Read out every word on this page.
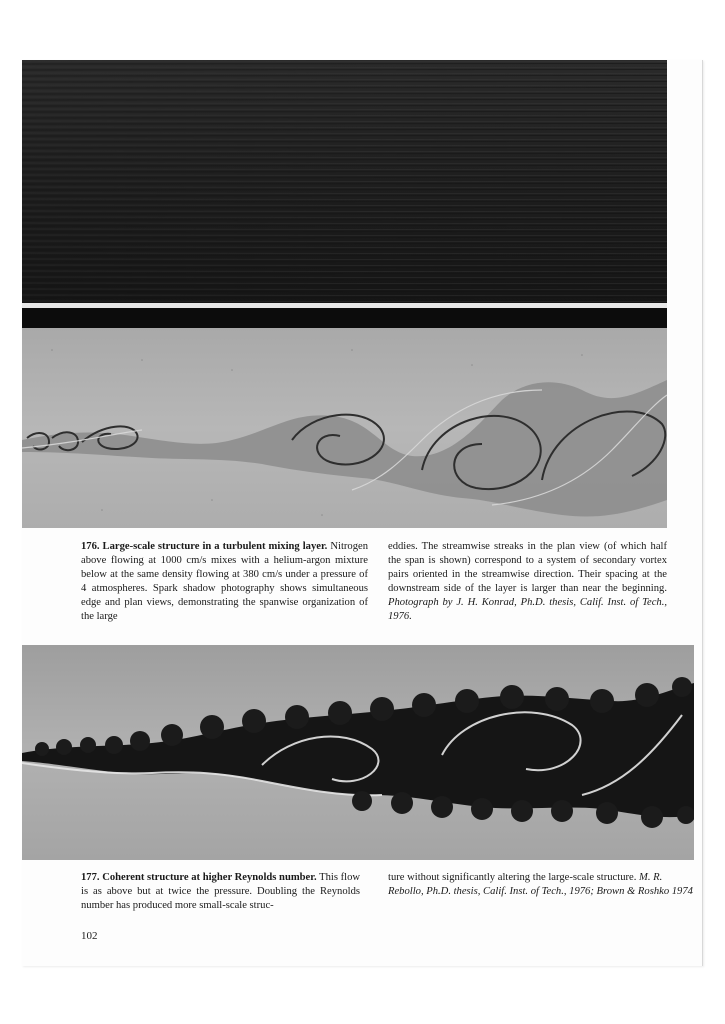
176. Large-scale structure in a turbulent mixing layer. Nitrogen above flowing at 1000 cm/s mixes with a helium-argon mixture below at the same density flowing at 380 cm/s under a pressure of 4 atmospheres. Spark shadow photography shows simultaneous edge and plan views, demonstrating the spanwise organization of the large
eddies. The streamwise streaks in the plan view (of which half the span is shown) correspond to a system of secondary vortex pairs oriented in the streamwise direction. Their spacing at the downstream side of the layer is larger than near the beginning. Photograph by J. H. Konrad, Ph.D. thesis, Calif. Inst. of Tech., 1976.
177. Coherent structure at higher Reynolds number. This flow is as above but at twice the pressure. Doubling the Reynolds number has produced more small-scale struc-
ture without significantly altering the large-scale structure. M. R. Rebollo, Ph.D. thesis, Calif. Inst. of Tech., 1976; Brown & Roshko 1974
102
